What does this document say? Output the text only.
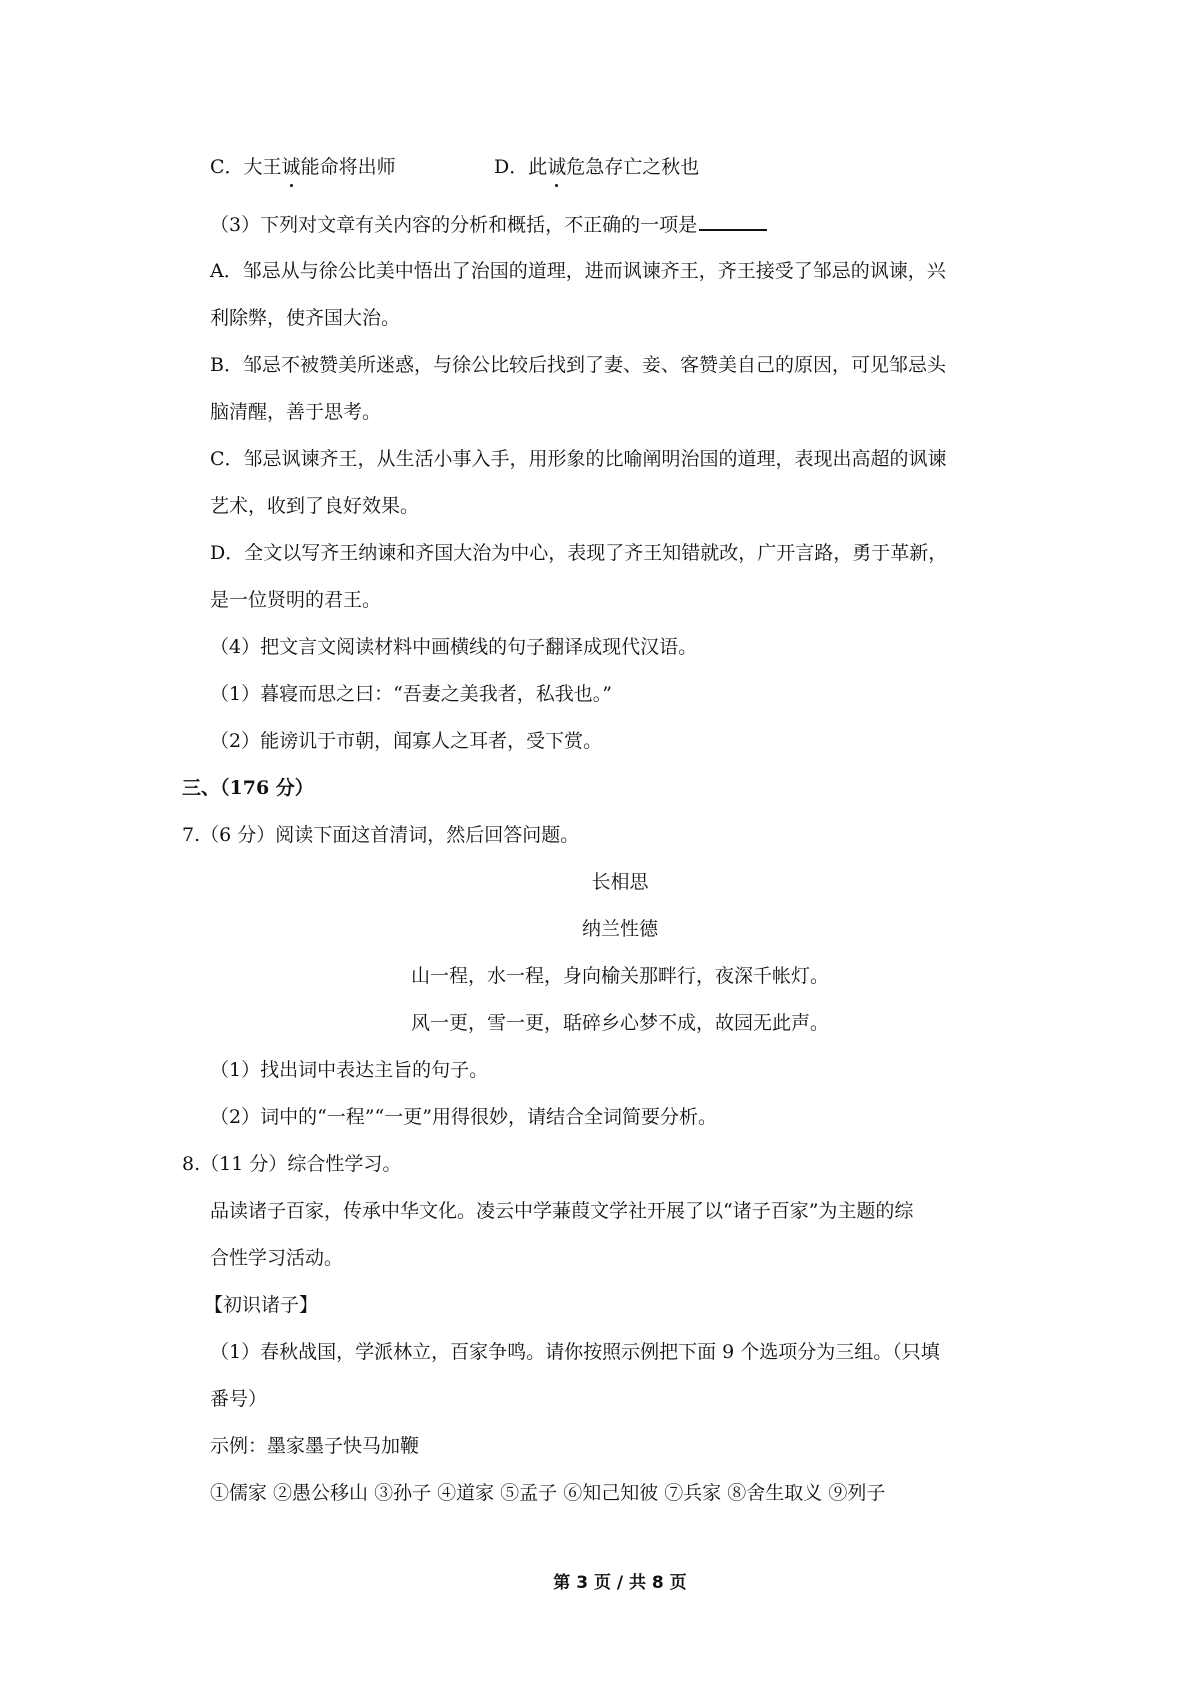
C．大王诚能命将出师	D．此诚危急存亡之秋也
（3）下列对文章有关内容的分析和概括，不正确的一项是
A．邹忌从与徐公比美中悟出了治国的道理，进而讽谏齐王，齐王接受了邹忌的讽谏，兴
利除弊，使齐国大治。
B．邹忌不被赞美所迷惑，与徐公比较后找到了妻、妾、客赞美自己的原因，可见邹忌头
脑清醒，善于思考。
C．邹忌讽谏齐王，从生活小事入手，用形象的比喻阐明治国的道理，表现出高超的讽谏
艺术，收到了良好效果。
D．全文以写齐王纳谏和齐国大治为中心，表现了齐王知错就改，广开言路，勇于革新，
是一位贤明的君王。
（4）把文言文阅读材料中画横线的句子翻译成现代汉语。
（1）暮寝而思之曰：“吾妻之美我者，私我也。”
（2）能谤讥于市朝，闻寡人之耳者，受下赏。
三、（176 分）
7.（6 分）阅读下面这首清词，然后回答问题。
长相思
纳兰性德
山一程，水一程，身向榆关那畔行，夜深千帐灯。
风一更，雪一更，聒碎乡心梦不成，故园无此声。
（1）找出词中表达主旨的句子。
（2）词中的“一程”“一更”用得很妙，请结合全词简要分析。
8.（11 分）综合性学习。
品读诸子百家，传承中华文化。凌云中学蒹葭文学社开展了以“诸子百家”为主题的综
合性学习活动。
【初识诸子】
（1）春秋战国，学派林立，百家争鸣。请你按照示例把下面 9 个选项分为三组。（只填
番号）
示例：墨家墨子快马加鞭
①儒家 ②愚公移山 ③孙子 ④道家 ⑤孟子 ⑥知己知彼 ⑦兵家 ⑧舍生取义 ⑨列子
第 3 页 / 共 8 页
